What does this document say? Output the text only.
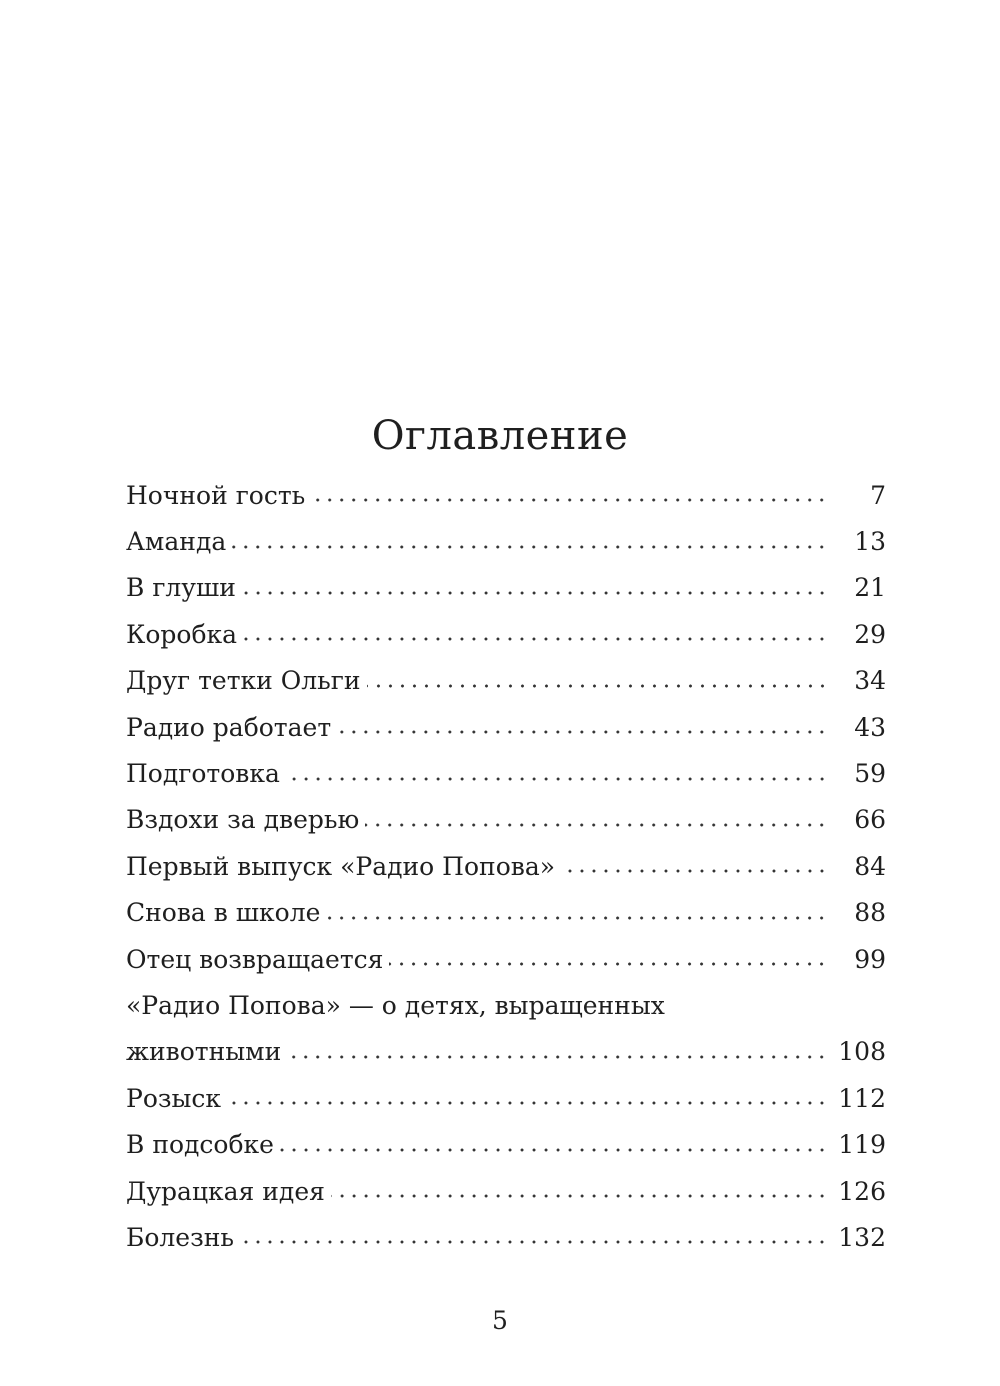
Оглавление
Ночной гость	7
Аманда	13
В глуши	21
Коробка	29
Друг тетки Ольги	34
Радио работает	43
Подготовка	59
Вздохи за дверью	66
Первый выпуск «Радио Попова»	84
Снова в школе	88
Отец возвращается	99
«Радио Попова» — о детях, выращенных
животными	108
Розыск	112
В подсобке	119
Дурацкая идея	126
Болезнь	132
5
